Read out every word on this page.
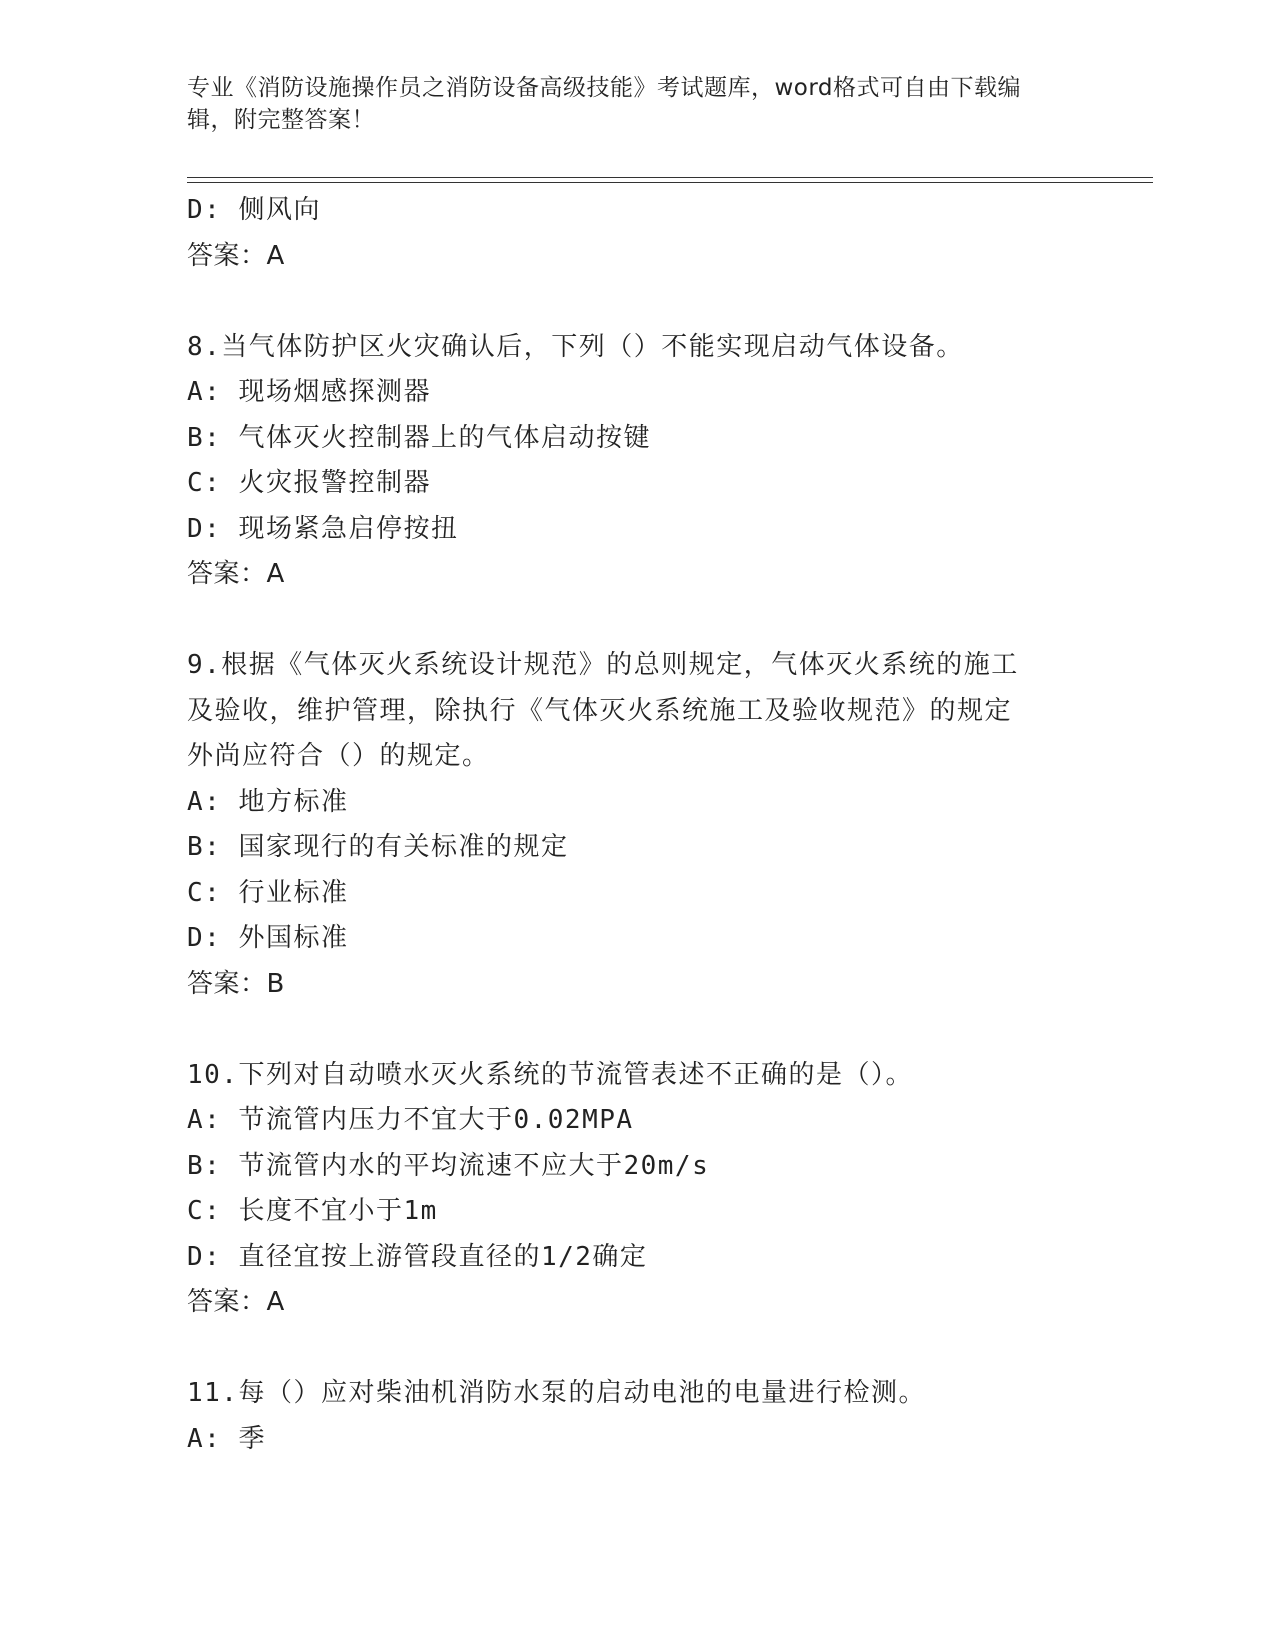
专业《消防设施操作员之消防设备高级技能》考试题库，word格式可自由下载编辑，附完整答案！
D: 侧风向
答案：A
8.当气体防护区火灾确认后，下列（）不能实现启动气体设备。
A: 现场烟感探测器
B: 气体灭火控制器上的气体启动按键
C: 火灾报警控制器
D: 现场紧急启停按扭
答案：A
9.根据《气体灭火系统设计规范》的总则规定，气体灭火系统的施工
及验收，维护管理，除执行《气体灭火系统施工及验收规范》的规定
外尚应符合（）的规定。
A: 地方标准
B: 国家现行的有关标准的规定
C: 行业标准
D: 外国标准
答案：B
10.下列对自动喷水灭火系统的节流管表述不正确的是（）。
A: 节流管内压力不宜大于0.02MPA
B: 节流管内水的平均流速不应大于20m/s
C: 长度不宜小于1m
D: 直径宜按上游管段直径的1/2确定
答案：A
11.每（）应对柴油机消防水泵的启动电池的电量进行检测。
A: 季
